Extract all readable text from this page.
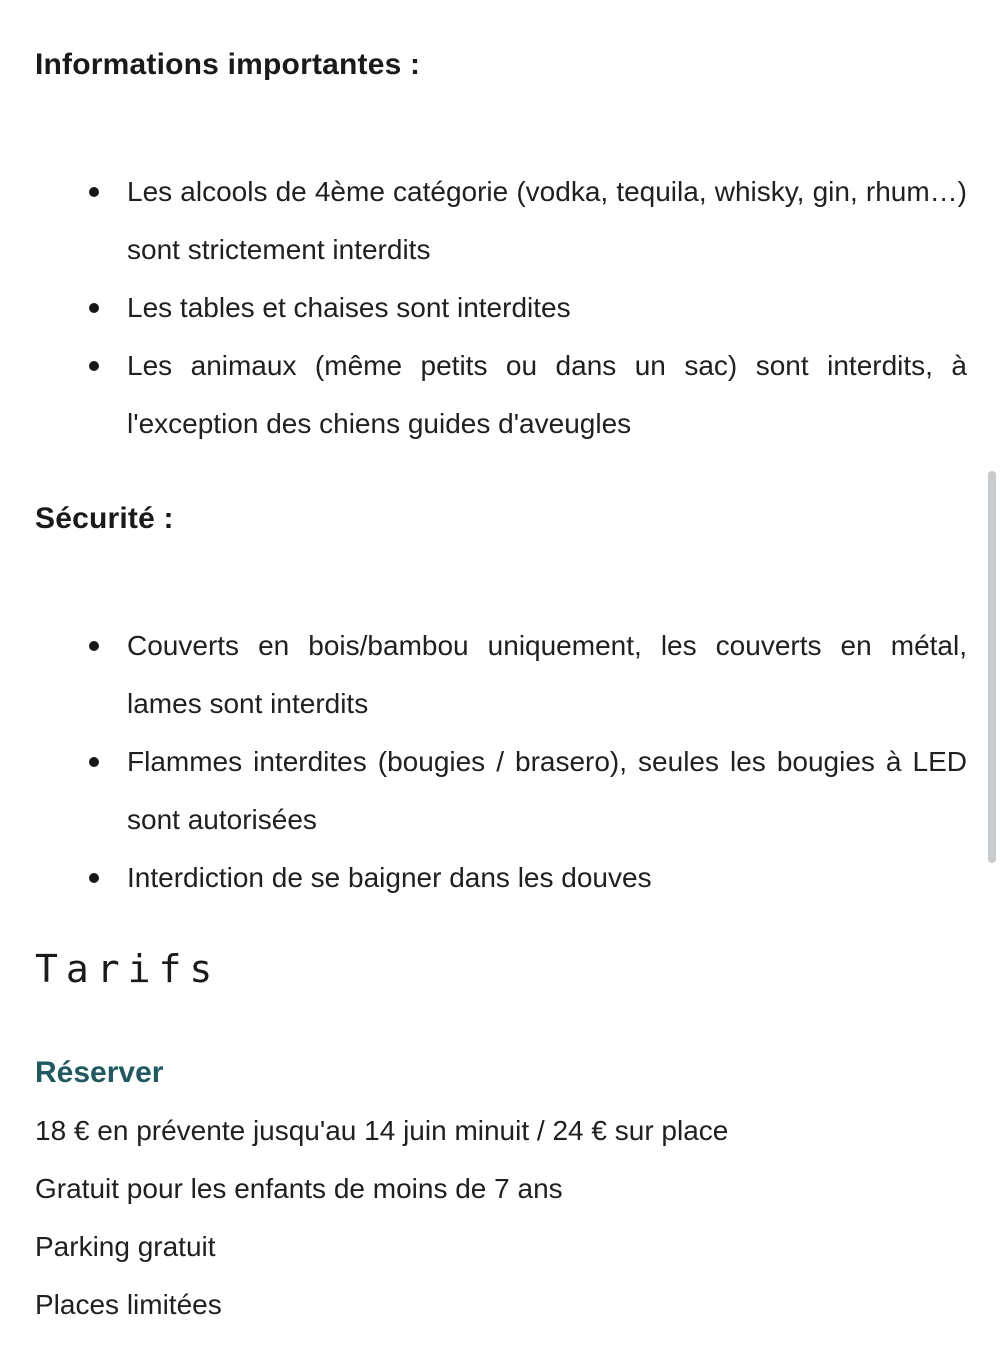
Informations importantes :
Les alcools de 4ème catégorie (vodka, tequila, whisky, gin, rhum…) sont strictement interdits
Les tables et chaises sont interdites
Les animaux (même petits ou dans un sac) sont interdits, à l'exception des chiens guides d'aveugles
Sécurité :
Couverts en bois/bambou uniquement, les couverts en métal, lames sont interdits
Flammes interdites (bougies / brasero), seules les bougies à LED sont autorisées
Interdiction de se baigner dans les douves
Tarifs
Réserver

18 € en prévente jusqu'au 14 juin minuit / 24 € sur place

Gratuit pour les enfants de moins de 7 ans

Parking gratuit

Places limitées
